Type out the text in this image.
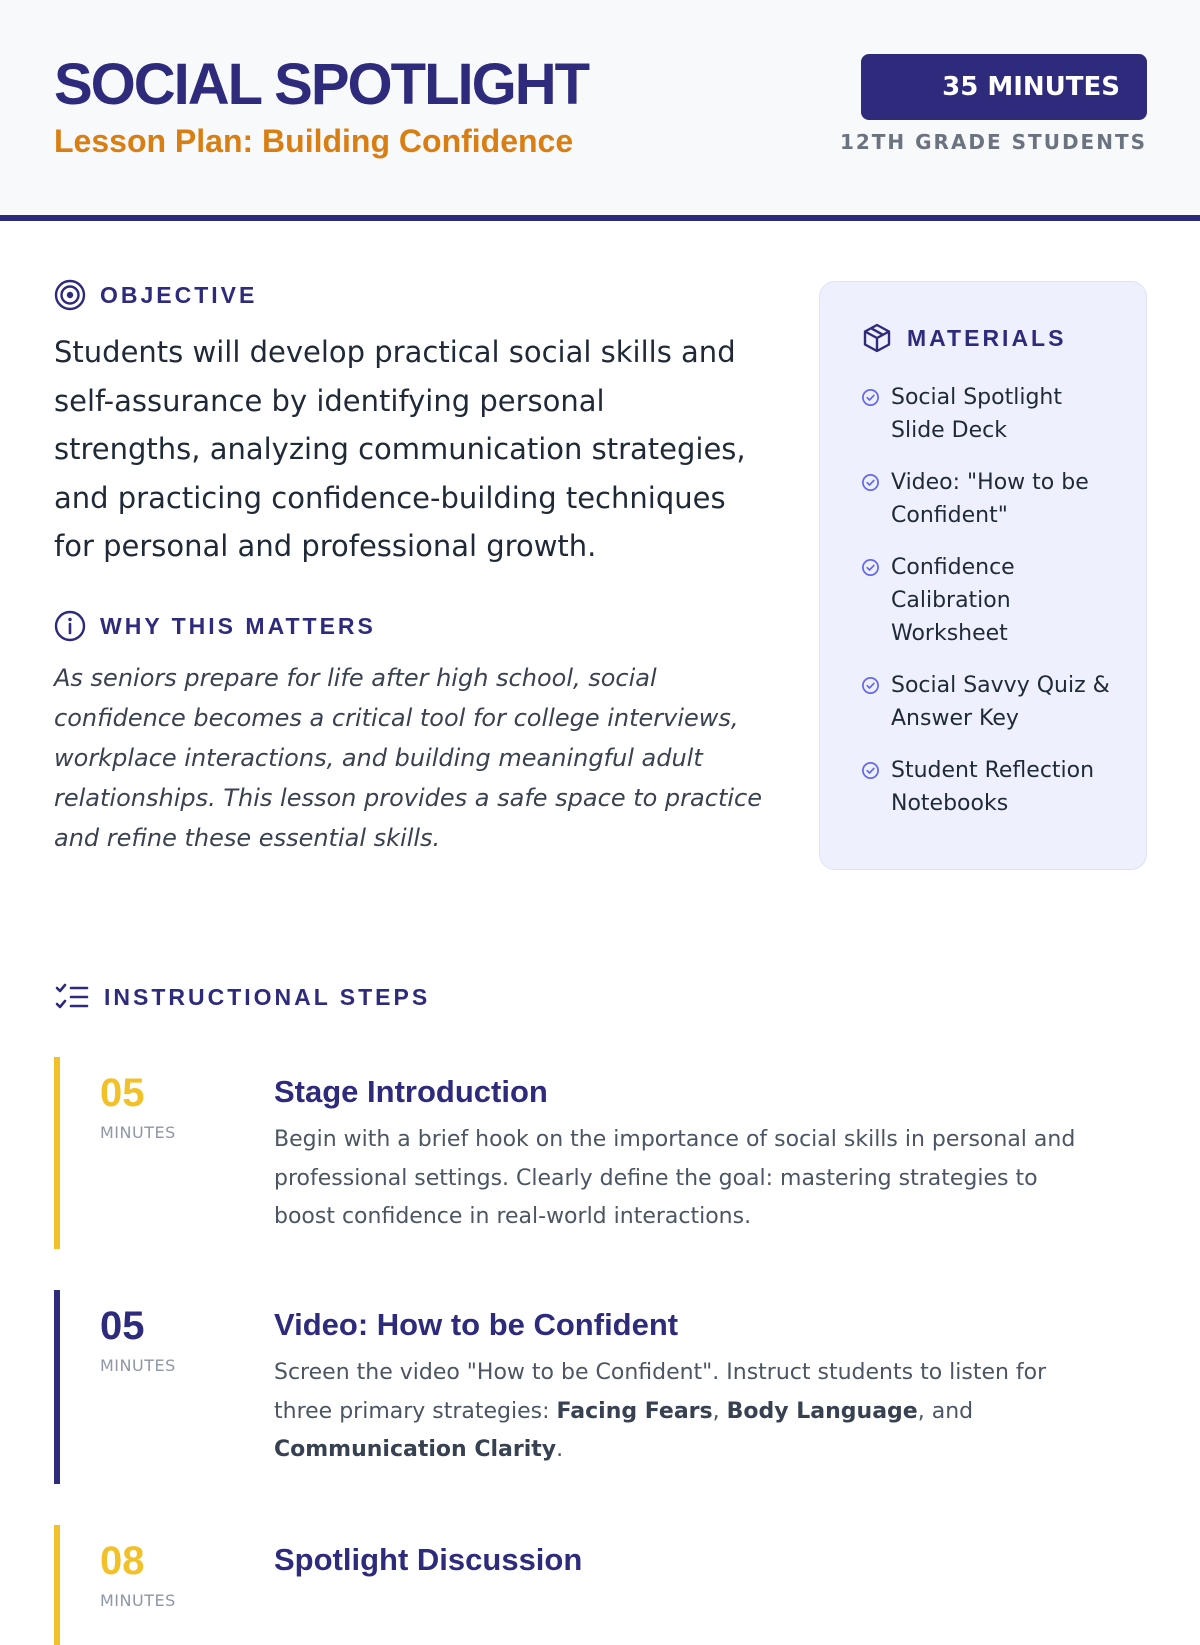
SOCIAL SPOTLIGHT
Lesson Plan: Building Confidence
35 MINUTES
12TH GRADE STUDENTS
OBJECTIVE

Students will develop practical social skills and self-assurance by identifying personal strengths, analyzing communication strategies, and practicing confidence-building techniques for personal and professional growth.

WHY THIS MATTERS

As seniors prepare for life after high school, social confidence becomes a critical tool for college interviews, workplace interactions, and building meaningful adult relationships. This lesson provides a safe space to practice and refine these essential skills.

MATERIALS
Social Spotlight Slide Deck
Video: "How to be Confident"
Confidence Calibration Worksheet
Social Savvy Quiz & Answer Key
Student Reflection Notebooks
INSTRUCTIONAL STEPS
05
MINUTES
Stage Introduction

Begin with a brief hook on the importance of social skills in personal and professional settings. Clearly define the goal: mastering strategies to boost confidence in real-world interactions.

05
MINUTES
Video: How to be Confident

Screen the video "How to be Confident". Instruct students to listen for three primary strategies: Facing Fears, Body Language, and Communication Clarity.

08
MINUTES
Spotlight Discussion
